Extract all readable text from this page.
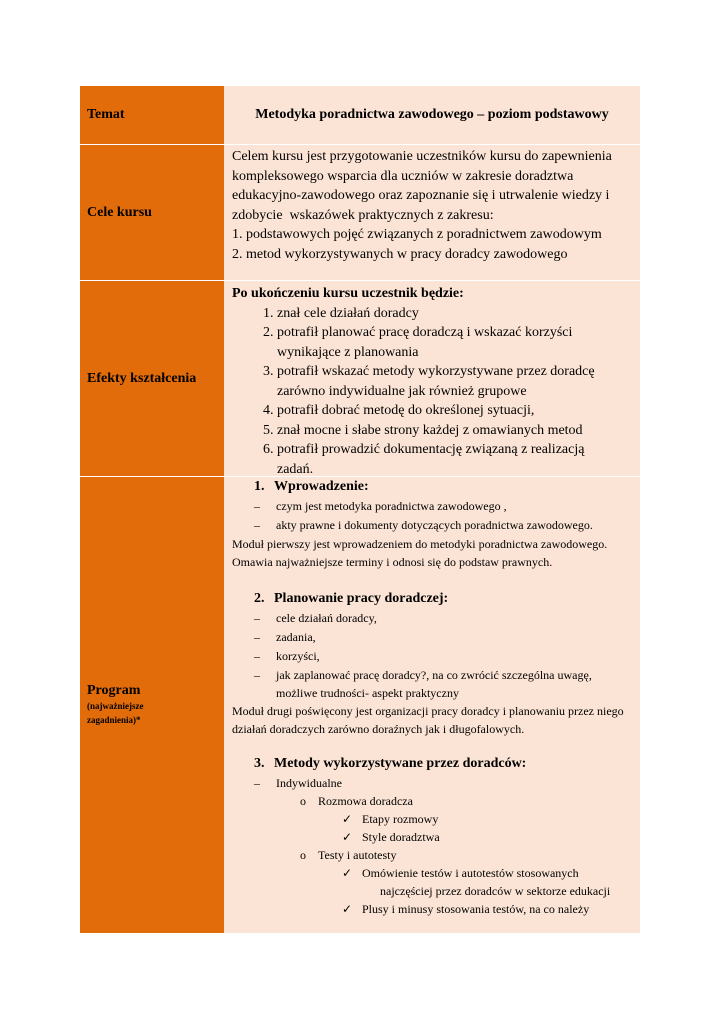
Temat	Metodyka poradnictwa zawodowego – poziom podstawowy
Cele kursu
Celem kursu jest przygotowanie uczestników kursu do zapewnienia
kompleksowego wsparcia dla uczniów w zakresie doradztwa
edukacyjno-zawodowego oraz zapoznanie się i utrwalenie wiedzy i
zdobycie  wskazówek praktycznych z zakresu:
1. podstawowych pojęć związanych z poradnictwem zawodowym
2. metod wykorzystywanych w pracy doradcy zawodowego
Efekty kształcenia
Po ukończeniu kursu uczestnik będzie:
1. znał cele działań doradcy
2. potrafił planować pracę doradczą i wskazać korzyści wynikające z planowania
3. potrafił wskazać metody wykorzystywane przez doradcę zarówno indywidualne jak również grupowe
4. potrafił dobrać metodę do określonej sytuacji,
5. znał mocne i słabe strony każdej z omawianych metod
6. potrafił prowadzić dokumentację związaną z realizacją zadań.
Program
(najważniejsze
zagadnienia)*
1. Wprowadzenie:
– czym jest metodyka poradnictwa zawodowego ,
– akty prawne i dokumenty dotyczących poradnictwa zawodowego.
Moduł pierwszy jest wprowadzeniem do metodyki poradnictwa zawodowego. Omawia najważniejsze terminy i odnosi się do podstaw prawnych.
2. Planowanie pracy doradczej:
– cele działań doradcy,
– zadania,
– korzyści,
– jak zaplanować pracę doradcy?, na co zwrócić szczególna uwagę, możliwe trudności- aspekt praktyczny
Moduł drugi poświęcony jest organizacji pracy doradcy i planowaniu przez niego działań doradczych zarówno doraźnych jak i długofalowych.
3. Metody wykorzystywane przez doradców:
– Indywidualne
o Rozmowa doradcza
✓ Etapy rozmowy
✓ Style doradztwa
o Testy i autotesty
✓ Omówienie testów i autotestów stosowanych
najczęściej przez doradców w sektorze edukacji
✓ Plusy i minusy stosowania testów, na co należy
